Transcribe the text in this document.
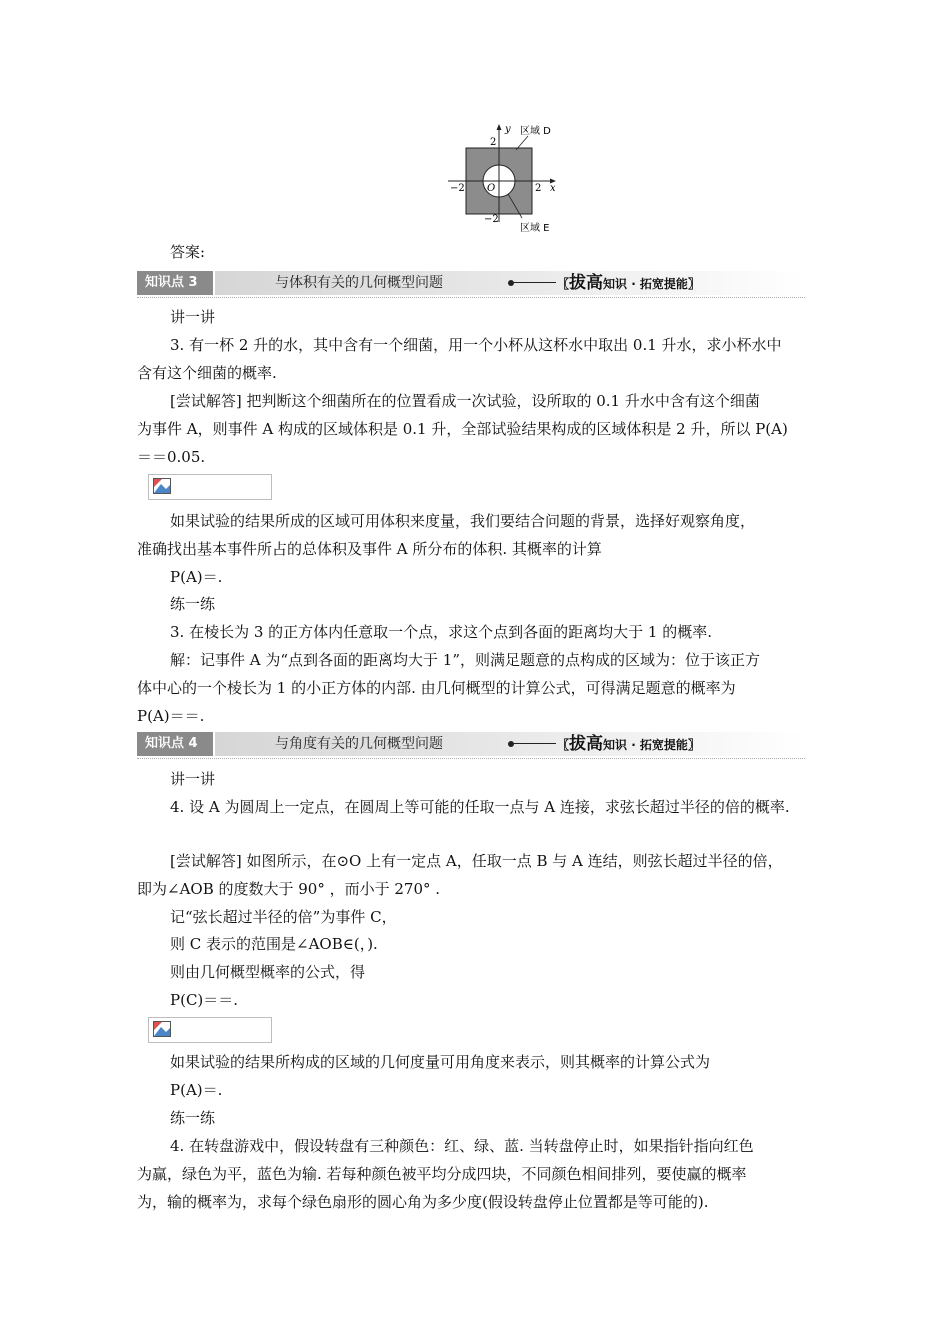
y
x
O
2
−2
−2	2
区域 D
区域 E
答案:
知识点 3	与体积有关的几何概型问题	〖拔高知识 · 拓宽提能〗
讲一讲
3. 有一杯 2 升的水，其中含有一个细菌，用一个小杯从这杯水中取出 0.1 升水，求小杯水中
含有这个细菌的概率.
[尝试解答] 把判断这个细菌所在的位置看成一次试验，设所取的 0.1 升水中含有这个细菌
为事件 A，则事件 A 构成的区域体积是 0.1 升，全部试验结果构成的区域体积是 2 升，所以 P(A)
＝＝0.05.
如果试验的结果所成的区域可用体积来度量，我们要结合问题的背景，选择好观察角度，
准确找出基本事件所占的总体积及事件 A 所分布的体积. 其概率的计算
P(A)＝.
练一练
3. 在棱长为 3 的正方体内任意取一个点，求这个点到各面的距离均大于 1 的概率.
解：记事件 A 为“点到各面的距离均大于 1”，则满足题意的点构成的区域为：位于该正方
体中心的一个棱长为 1 的小正方体的内部. 由几何概型的计算公式，可得满足题意的概率为
P(A)＝＝.
知识点 4	与角度有关的几何概型问题	〖拔高知识 · 拓宽提能〗
讲一讲
4. 设 A 为圆周上一定点，在圆周上等可能的任取一点与 A 连接，求弦长超过半径的倍的概率.
[尝试解答] 如图所示，在⊙O 上有一定点 A，任取一点 B 与 A 连结，则弦长超过半径的倍，
即为∠AOB 的度数大于 90° ，而小于 270° .
记“弦长超过半径的倍”为事件 C，
则 C 表示的范围是∠AOB∈(，).
则由几何概型概率的公式，得
P(C)＝＝.
如果试验的结果所构成的区域的几何度量可用角度来表示，则其概率的计算公式为
P(A)＝.
练一练
4. 在转盘游戏中，假设转盘有三种颜色：红、绿、蓝. 当转盘停止时，如果指针指向红色
为赢，绿色为平，蓝色为输. 若每种颜色被平均分成四块，不同颜色相间排列，要使赢的概率
为，输的概率为，求每个绿色扇形的圆心角为多少度(假设转盘停止位置都是等可能的).
